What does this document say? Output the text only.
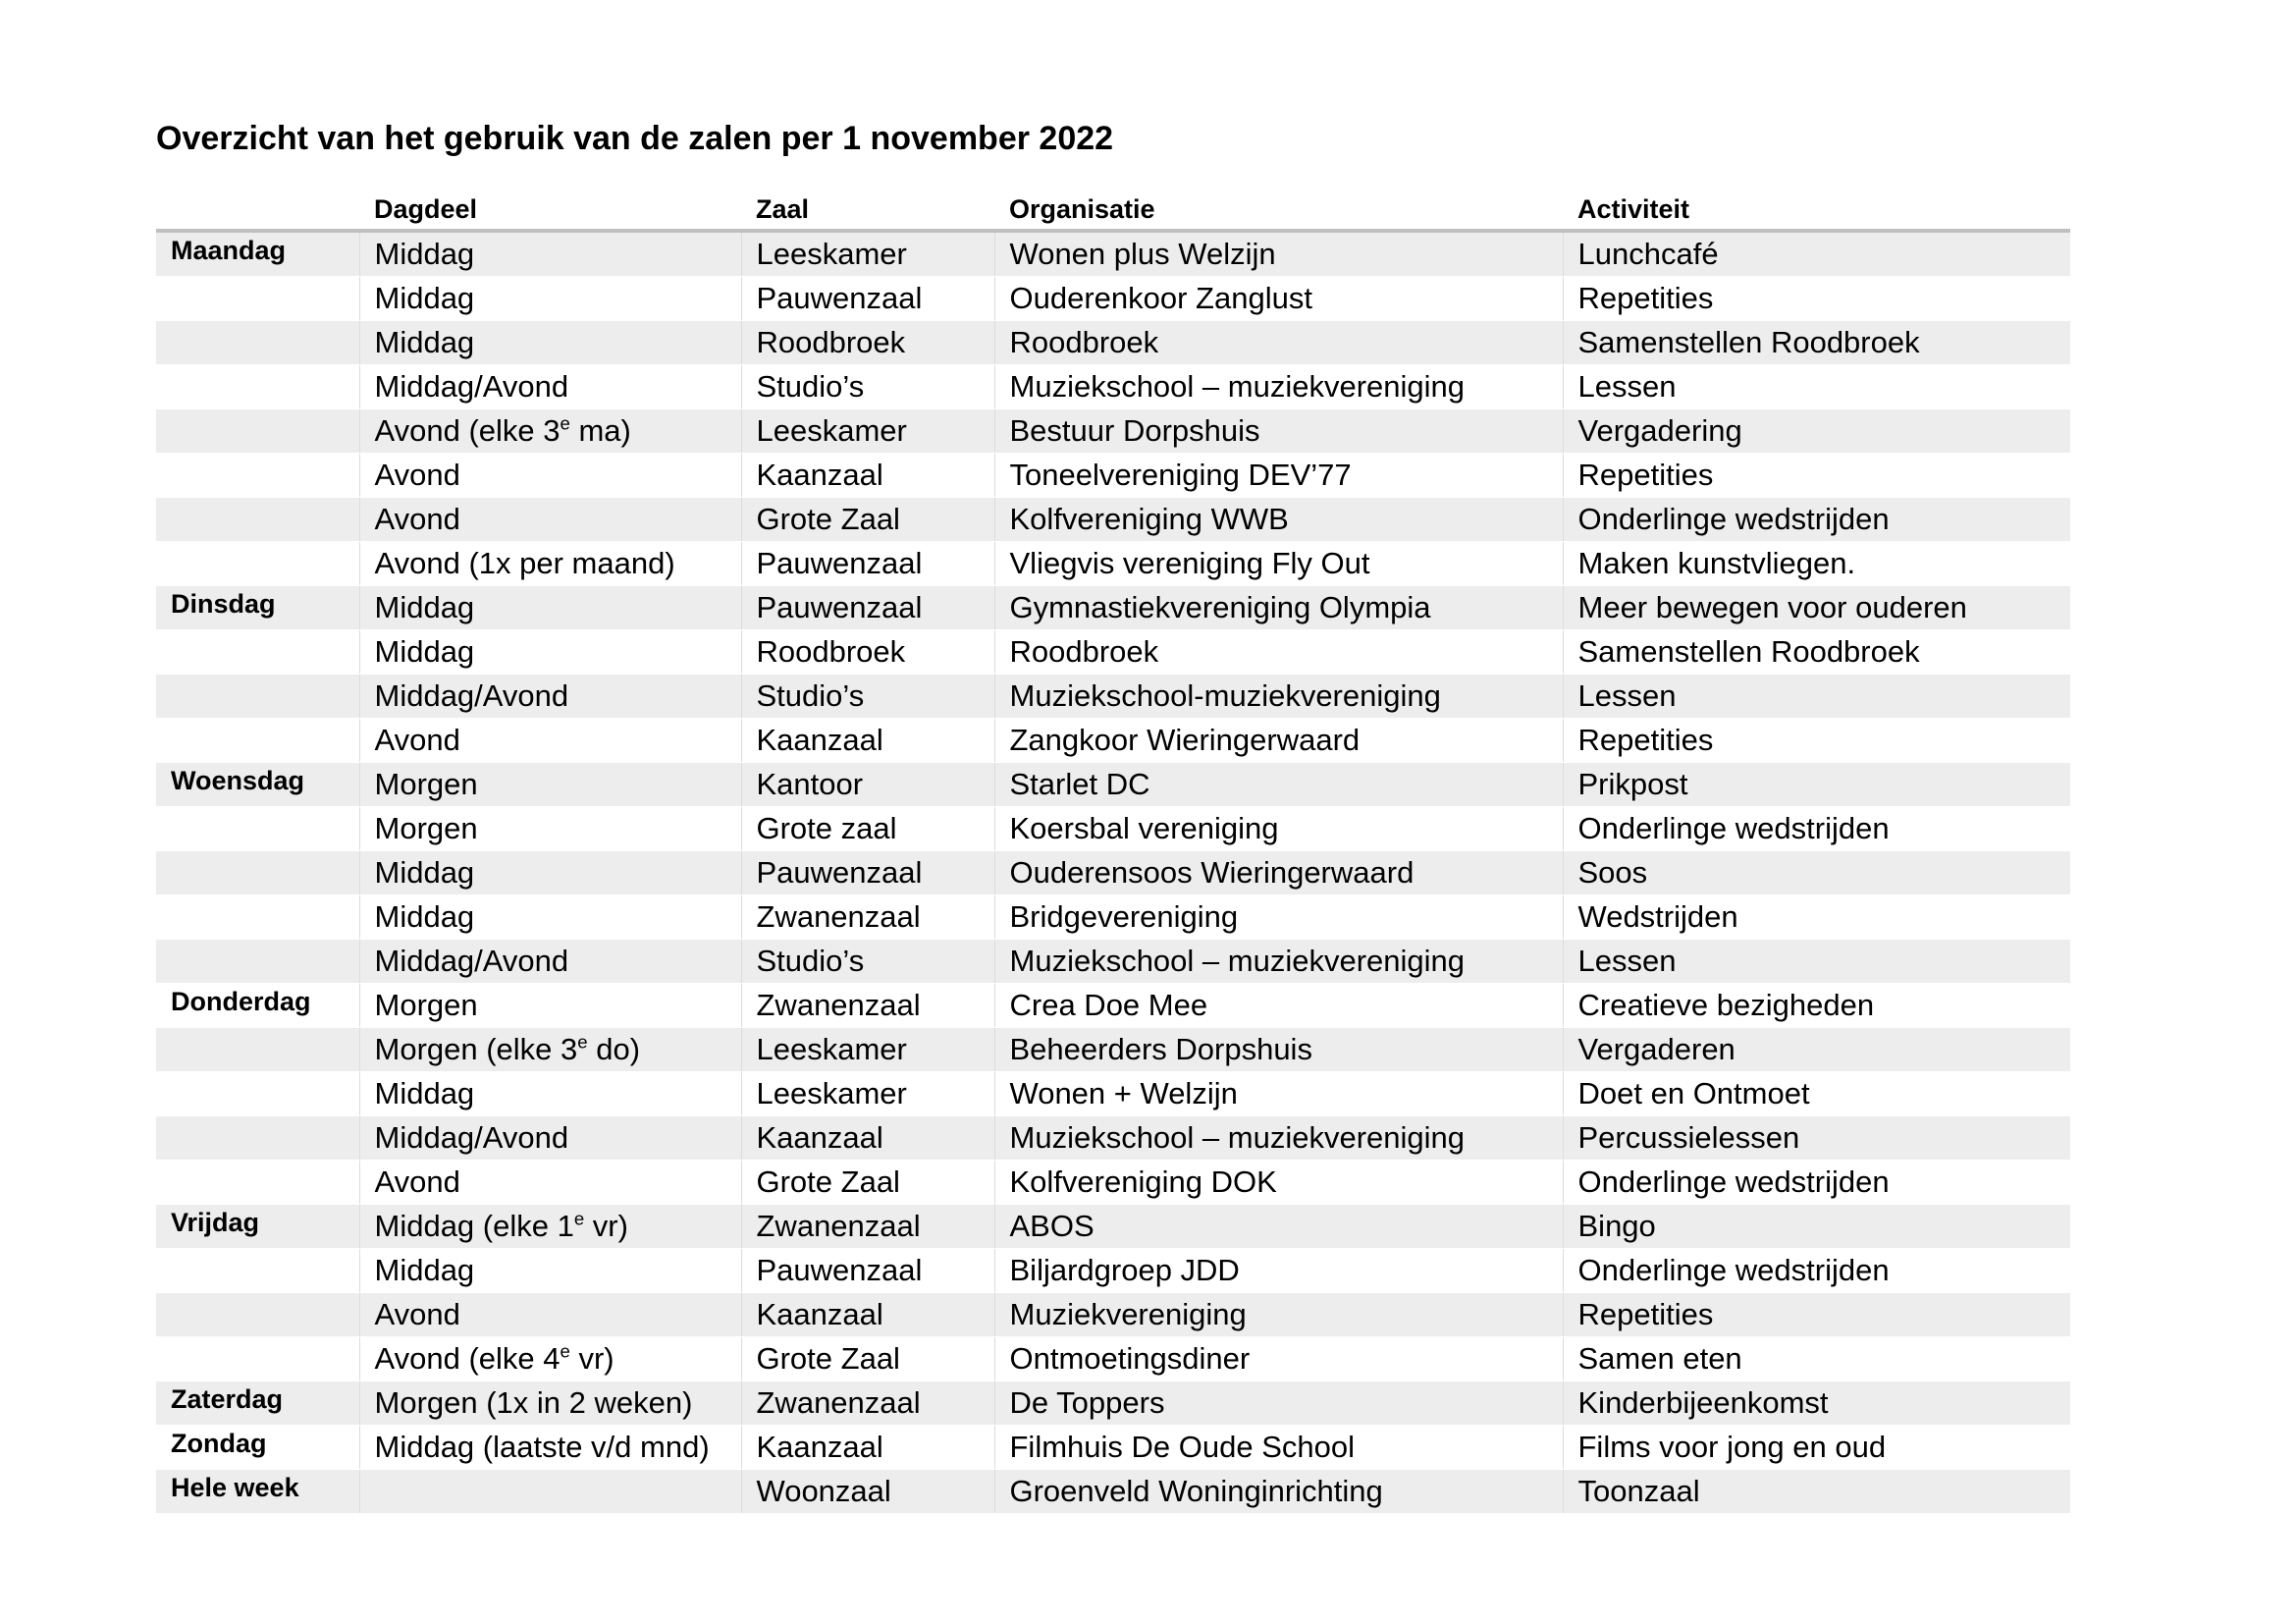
Overzicht van het gebruik van de zalen per 1 november 2022
	Dagdeel	Zaal	Organisatie	Activiteit
Maandag	Middag	Leeskamer	Wonen plus Welzijn	Lunchcafé
	Middag	Pauwenzaal	Ouderenkoor Zanglust	Repetities
	Middag	Roodbroek	Roodbroek	Samenstellen Roodbroek
	Middag/Avond	Studio’s	Muziekschool – muziekvereniging	Lessen
	Avond (elke 3e ma)	Leeskamer	Bestuur Dorpshuis	Vergadering
	Avond	Kaanzaal	Toneelvereniging DEV’77	Repetities
	Avond	Grote Zaal	Kolfvereniging WWB	Onderlinge wedstrijden
	Avond (1x per maand)	Pauwenzaal	Vliegvis vereniging Fly Out	Maken kunstvliegen.
Dinsdag	Middag	Pauwenzaal	Gymnastiekvereniging Olympia	Meer bewegen voor ouderen
	Middag	Roodbroek	Roodbroek	Samenstellen Roodbroek
	Middag/Avond	Studio’s	Muziekschool-muziekvereniging	Lessen
	Avond	Kaanzaal	Zangkoor Wieringerwaard	Repetities
Woensdag	Morgen	Kantoor	Starlet DC	Prikpost
	Morgen	Grote zaal	Koersbal vereniging	Onderlinge wedstrijden
	Middag	Pauwenzaal	Ouderensoos Wieringerwaard	Soos
	Middag	Zwanenzaal	Bridgevereniging	Wedstrijden
	Middag/Avond	Studio’s	Muziekschool – muziekvereniging	Lessen
Donderdag	Morgen	Zwanenzaal	Crea Doe Mee	Creatieve bezigheden
	Morgen (elke 3e do)	Leeskamer	Beheerders Dorpshuis	Vergaderen
	Middag	Leeskamer	Wonen + Welzijn	Doet en Ontmoet
	Middag/Avond	Kaanzaal	Muziekschool – muziekvereniging	Percussielessen
	Avond	Grote Zaal	Kolfvereniging DOK	Onderlinge wedstrijden
Vrijdag	Middag (elke 1e vr)	Zwanenzaal	ABOS	Bingo
	Middag	Pauwenzaal	Biljardgroep JDD	Onderlinge wedstrijden
	Avond	Kaanzaal	Muziekvereniging	Repetities
	Avond (elke 4e vr)	Grote Zaal	Ontmoetingsdiner	Samen eten
Zaterdag	Morgen (1x in 2 weken)	Zwanenzaal	De Toppers	Kinderbijeenkomst
Zondag	Middag (laatste v/d mnd)	Kaanzaal	Filmhuis De Oude School	Films voor jong en oud
Hele week		Woonzaal	Groenveld Woninginrichting	Toonzaal
